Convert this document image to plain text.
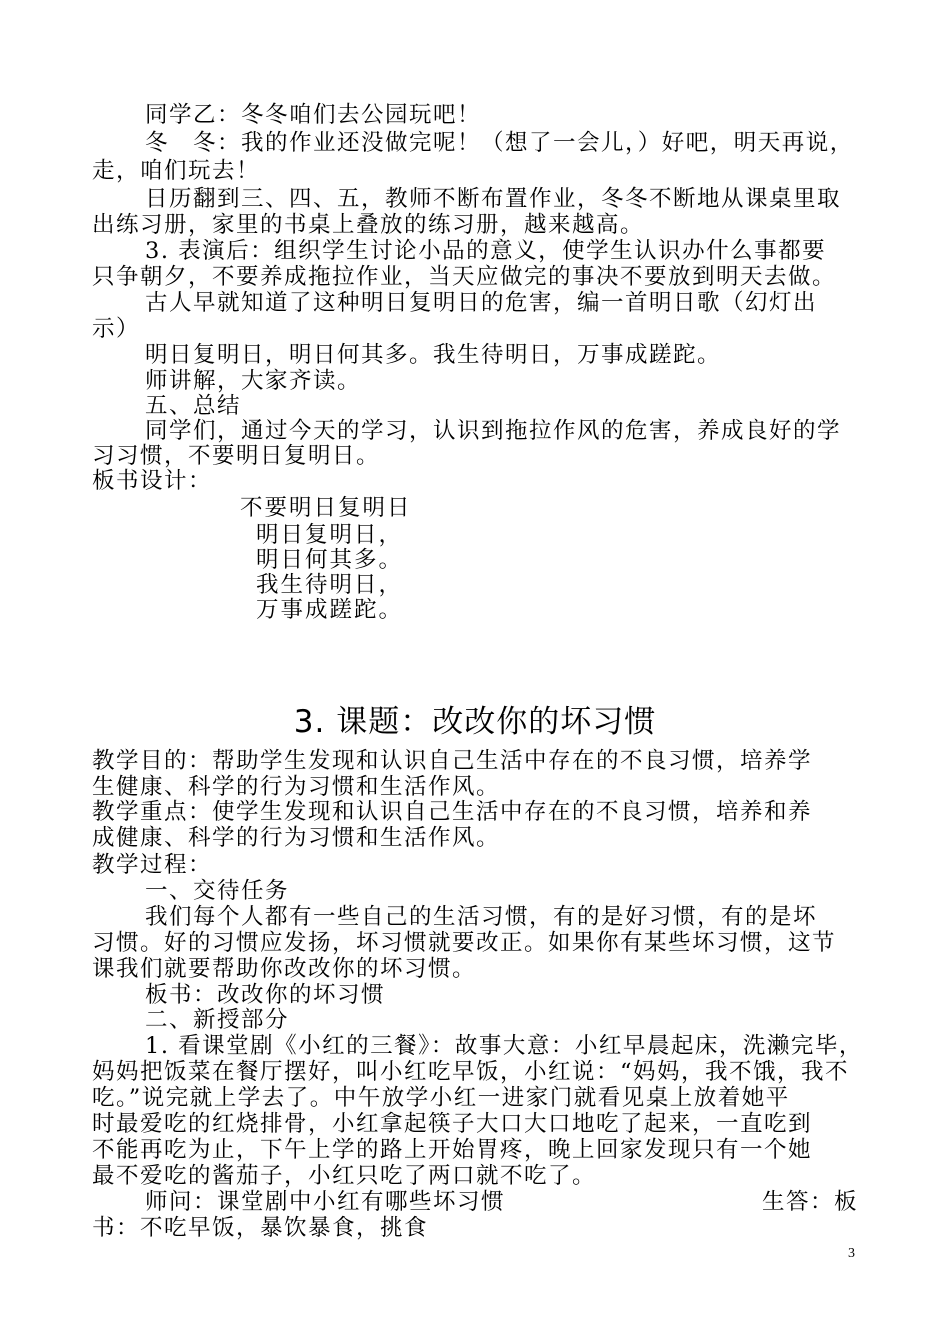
同学乙：冬冬咱们去公园玩吧！
冬　冬：我的作业还没做完呢！（想了一会儿，）好吧，明天再说，
走，咱们玩去！
日历翻到三、四、五，教师不断布置作业，冬冬不断地从课桌里取
出练习册，家里的书桌上叠放的练习册，越来越高。
3. 表演后：组织学生讨论小品的意义，使学生认识办什么事都要
只争朝夕，不要养成拖拉作业，当天应做完的事决不要放到明天去做。
古人早就知道了这种明日复明日的危害，编一首明日歌（幻灯出
示）
明日复明日，明日何其多。我生待明日，万事成蹉跎。
师讲解，大家齐读。
五、总结
同学们，通过今天的学习，认识到拖拉作风的危害，养成良好的学
习习惯，不要明日复明日。
板书设计：
不要明日复明日
明日复明日，
明日何其多。
我生待明日，
万事成蹉跎。
3. 课题：改改你的坏习惯
教学目的：帮助学生发现和认识自己生活中存在的不良习惯，培养学
生健康、科学的行为习惯和生活作风。
教学重点：使学生发现和认识自己生活中存在的不良习惯，培养和养
成健康、科学的行为习惯和生活作风。
教学过程：
一、交待任务
我们每个人都有一些自己的生活习惯，有的是好习惯，有的是坏
习惯。好的习惯应发扬，坏习惯就要改正。如果你有某些坏习惯，这节
课我们就要帮助你改改你的坏习惯。
板书：改改你的坏习惯
二、新授部分
1. 看课堂剧《小红的三餐》：故事大意：小红早晨起床，洗濑完毕，
妈妈把饭菜在餐厅摆好，叫小红吃早饭，小红说：“妈妈，我不饿，我不
吃。”说完就上学去了。中午放学小红一进家门就看见桌上放着她平
时最爱吃的红烧排骨，小红拿起筷子大口大口地吃了起来，一直吃到
不能再吃为止，下午上学的路上开始胃疼，晚上回家发现只有一个她
最不爱吃的酱茄子，小红只吃了两口就不吃了。
师问：课堂剧中小红有哪些坏习惯	生答：板
书：不吃早饭，暴饮暴食，挑食
3
